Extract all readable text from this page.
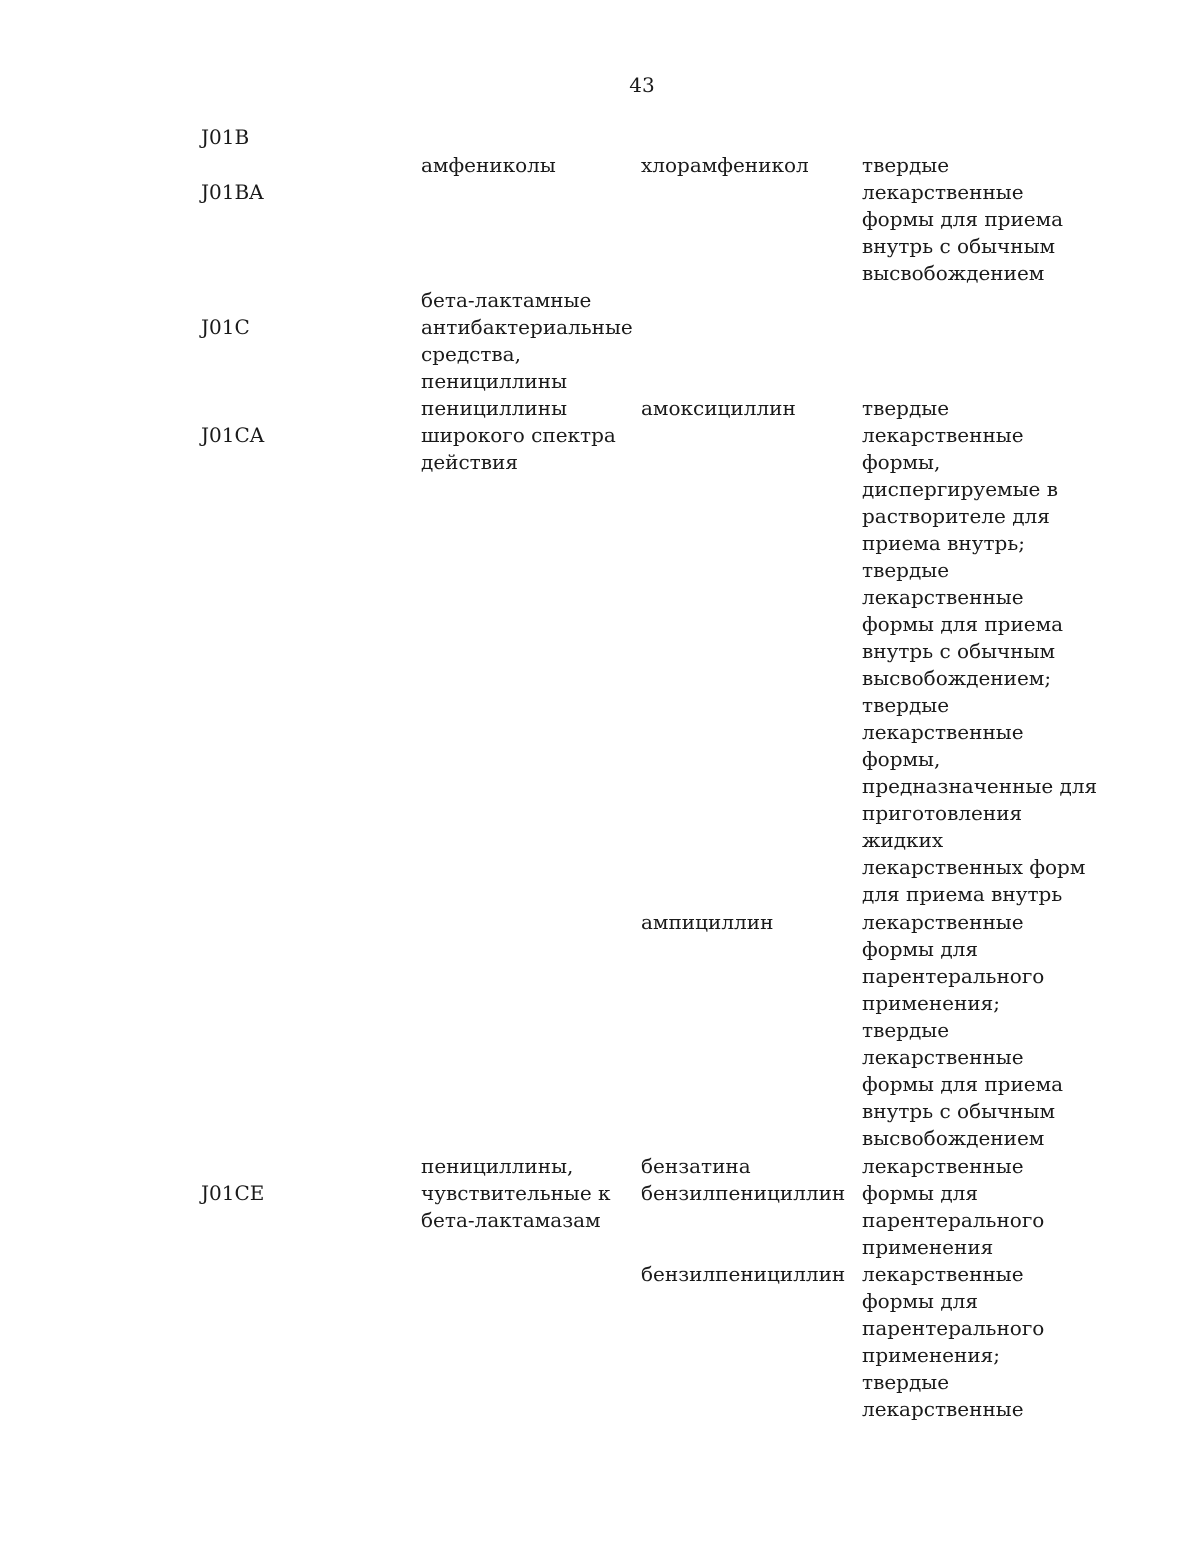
43
J01B
J01BA
J01C
J01CA
J01CE
амфениколы
бета-лактамные
антибактериальные
средства,
пенициллины
пенициллины
широкого спектра
действия
пенициллины,
чувствительные к
бета-лактамазам
хлорамфеникол
амоксициллин
ампициллин
бензатина
бензилпенициллин
бензилпенициллин
твердые
лекарственные
формы для приема
внутрь с обычным
высвобождением
твердые
лекарственные
формы,
диспергируемые в
растворителе для
приема внутрь;
твердые
лекарственные
формы для приема
внутрь с обычным
высвобождением;
твердые
лекарственные
формы,
предназначенные для
приготовления
жидких
лекарственных форм
для приема внутрь
лекарственные
формы для
парентерального
применения;
твердые
лекарственные
формы для приема
внутрь с обычным
высвобождением
лекарственные
формы для
парентерального
применения
лекарственные
формы для
парентерального
применения;
твердые
лекарственные
